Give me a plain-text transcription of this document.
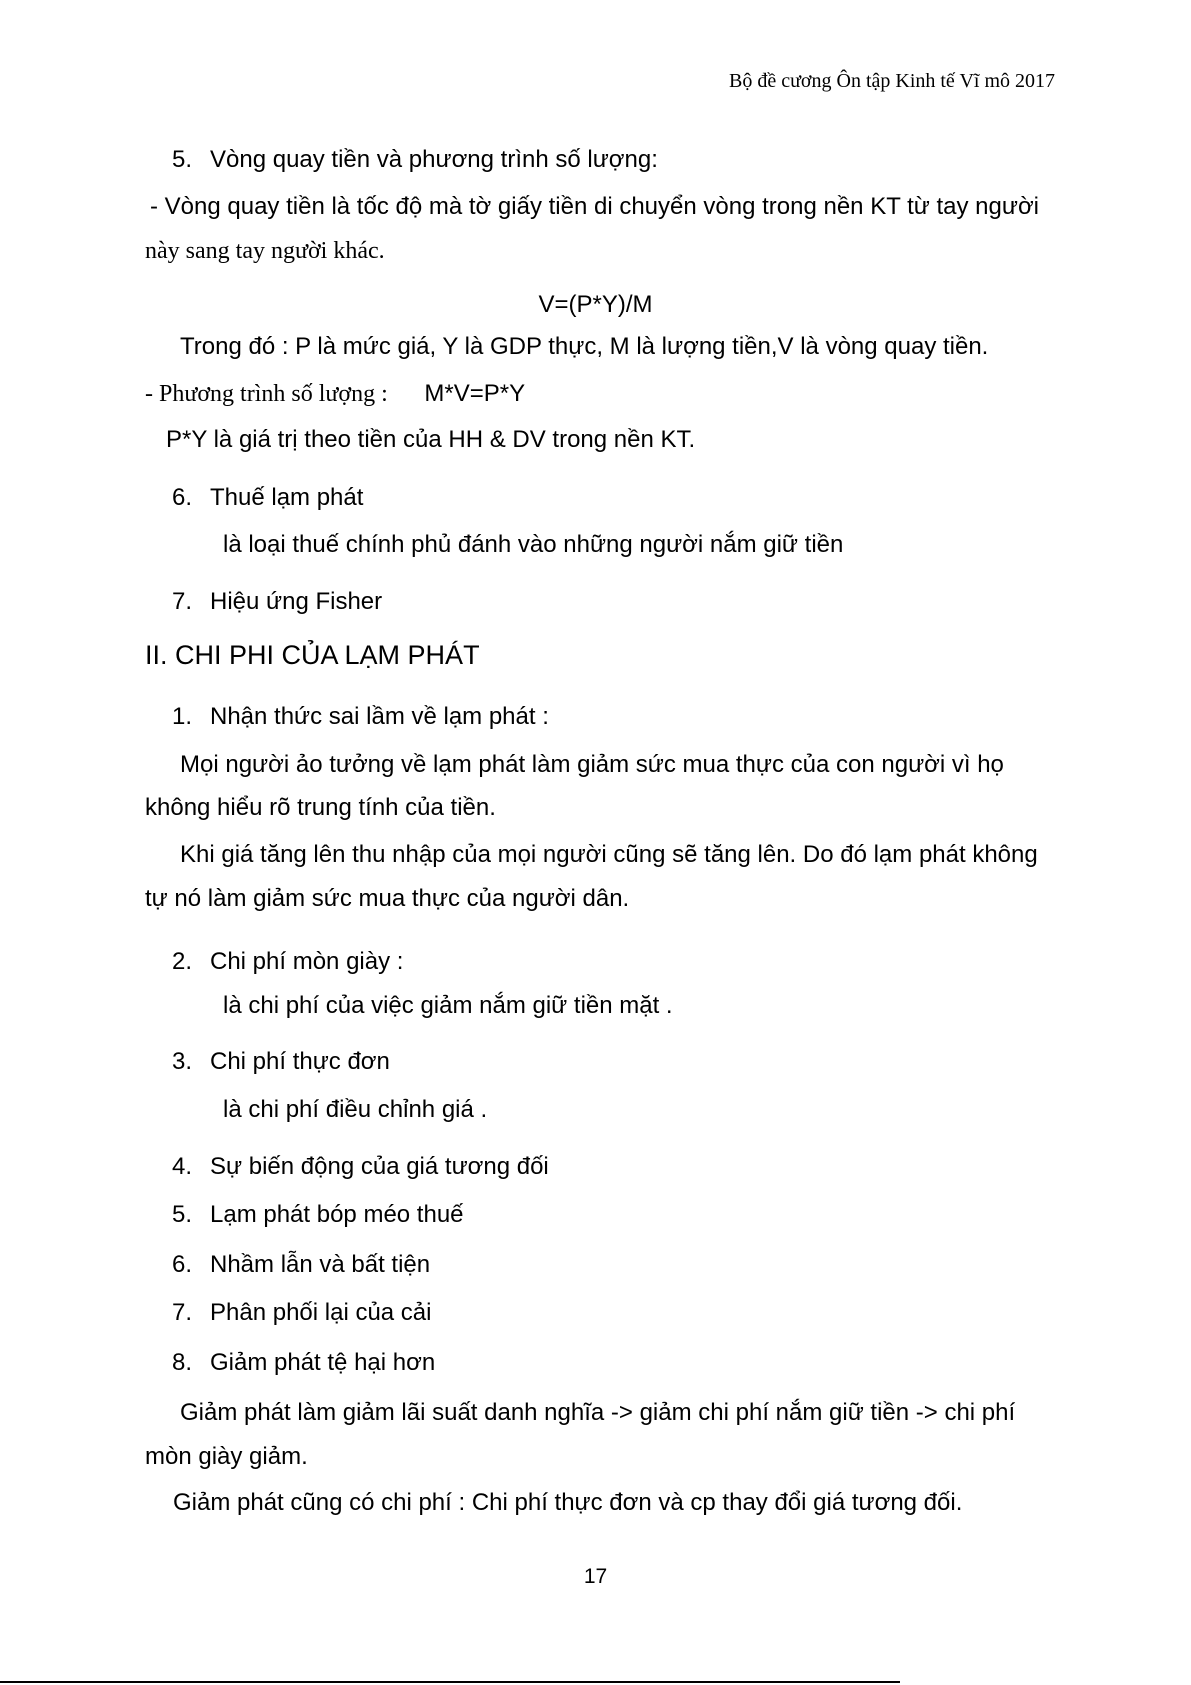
Bộ đề cương Ôn tập Kinh tế Vĩ mô 2017
5. Vòng quay tiền và phương trình số lượng:
- Vòng quay tiền là tốc độ mà tờ giấy tiền di chuyển vòng trong nền KT từ tay người
này sang tay người khác.
V=(P*Y)/M
Trong đó : P là mức giá, Y là GDP thực, M là lượng tiền,V là vòng quay tiền.
- Phương trình số lượng : M*V=P*Y
P*Y là giá trị theo tiền của HH & DV trong nền KT.
6. Thuế lạm phát
là loại thuế chính phủ đánh vào những người nắm giữ tiền
7. Hiệu ứng Fisher
II. CHI PHI CỦA LẠM PHÁT
1. Nhận thức sai lầm về lạm phát :
Mọi người ảo tưởng về lạm phát làm giảm sức mua thực của con người vì họ
không hiểu rõ trung tính của tiền.
Khi giá tăng lên thu nhập của mọi người cũng sẽ tăng lên. Do đó lạm phát không
tự nó làm giảm sức mua thực của người dân.
2. Chi phí mòn giày :
là chi phí của việc giảm nắm giữ tiền mặt .
3. Chi phí thực đơn
là chi phí điều chỉnh giá .
4. Sự biến động của giá tương đối
5. Lạm phát bóp méo thuế
6. Nhầm lẫn và bất tiện
7. Phân phối lại của cải
8. Giảm phát tệ hại hơn
Giảm phát làm giảm lãi suất danh nghĩa -> giảm chi phí nắm giữ tiền -> chi phí
mòn giày giảm.
Giảm phát cũng có chi phí : Chi phí thực đơn và cp thay đổi giá tương đối.
17
